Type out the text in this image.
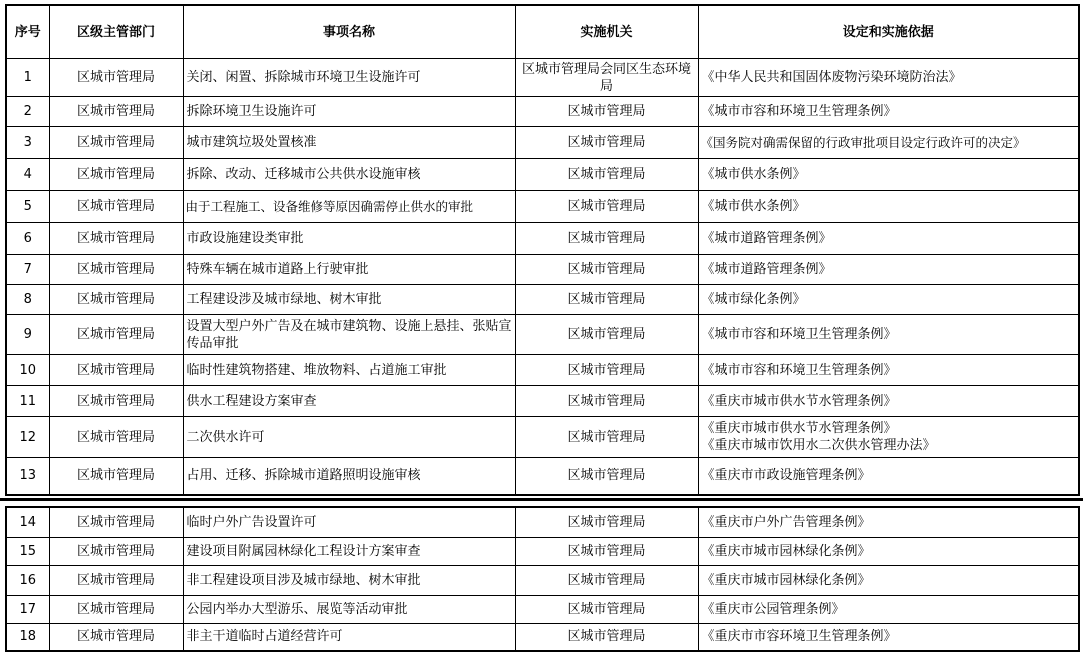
序号	区级主管部门	事项名称	实施机关	设定和实施依据
1	区城市管理局	关闭、闲置、拆除城市环境卫生设施许可	区城市管理局会同区生态环境局	《中华人民共和国固体废物污染环境防治法》
2	区城市管理局	拆除环境卫生设施许可	区城市管理局	《城市市容和环境卫生管理条例》
3	区城市管理局	城市建筑垃圾处置核准	区城市管理局	《国务院对确需保留的行政审批项目设定行政许可的决定》
4	区城市管理局	拆除、改动、迁移城市公共供水设施审核	区城市管理局	《城市供水条例》
5	区城市管理局	由于工程施工、设备维修等原因确需停止供水的审批	区城市管理局	《城市供水条例》
6	区城市管理局	市政设施建设类审批	区城市管理局	《城市道路管理条例》
7	区城市管理局	特殊车辆在城市道路上行驶审批	区城市管理局	《城市道路管理条例》
8	区城市管理局	工程建设涉及城市绿地、树木审批	区城市管理局	《城市绿化条例》
9	区城市管理局	设置大型户外广告及在城市建筑物、设施上悬挂、张贴宣传品审批	区城市管理局	《城市市容和环境卫生管理条例》
10	区城市管理局	临时性建筑物搭建、堆放物料、占道施工审批	区城市管理局	《城市市容和环境卫生管理条例》
11	区城市管理局	供水工程建设方案审查	区城市管理局	《重庆市城市供水节水管理条例》
12	区城市管理局	二次供水许可	区城市管理局	《重庆市城市供水节水管理条例》
《重庆市城市饮用水二次供水管理办法》

13	区城市管理局	占用、迁移、拆除城市道路照明设施审核	区城市管理局	《重庆市市政设施管理条例》
14	区城市管理局	临时户外广告设置许可	区城市管理局	《重庆市户外广告管理条例》
15	区城市管理局	建设项目附属园林绿化工程设计方案审查	区城市管理局	《重庆市城市园林绿化条例》
16	区城市管理局	非工程建设项目涉及城市绿地、树木审批	区城市管理局	《重庆市城市园林绿化条例》
17	区城市管理局	公园内举办大型游乐、展览等活动审批	区城市管理局	《重庆市公园管理条例》
18	区城市管理局	非主干道临时占道经营许可	区城市管理局	《重庆市市容环境卫生管理条例》
